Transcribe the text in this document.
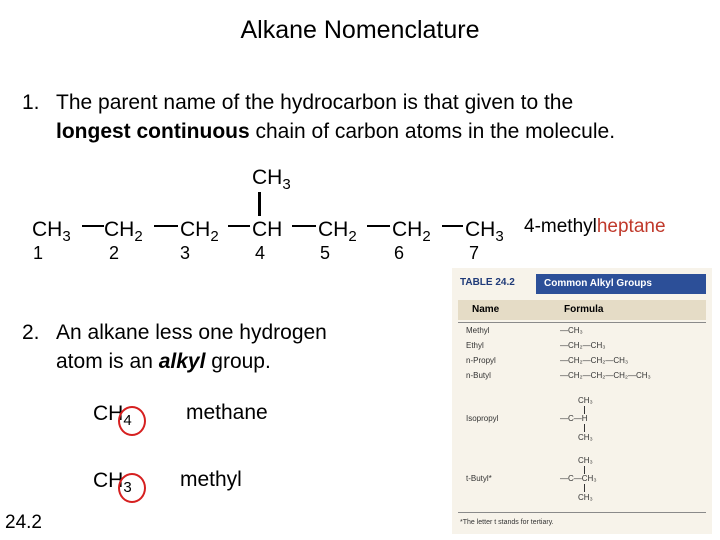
Alkane Nomenclature
1. The parent name of the hydrocarbon is that given to the
longest continuous chain of carbon atoms in the molecule.
$CH_3$
$CH_3$ $CH_2$ $CH_2$ CH $CH_2$ $CH_2$ $CH_3$
1	2	3	4	5	6	7
4-methylheptane
2. An alkane less one hydrogen
atom is an alkyl group.
$CH_4$	methane
$CH_3$ methyl
24.2
TABLE 24.2	Common Alkyl Groups
Name	Formula
Methyl	—CH₃
Ethyl	—CH₂—CH₃
n-Propyl	—CH₂—CH₂—CH₃
n-Butyl	—CH₂—CH₂—CH₂—CH₃
CH₃
Isopropyl	—C—H
CH₃
CH₃
t-Butyl*	—C—CH₃
CH₃
*The letter t stands for tertiary.
